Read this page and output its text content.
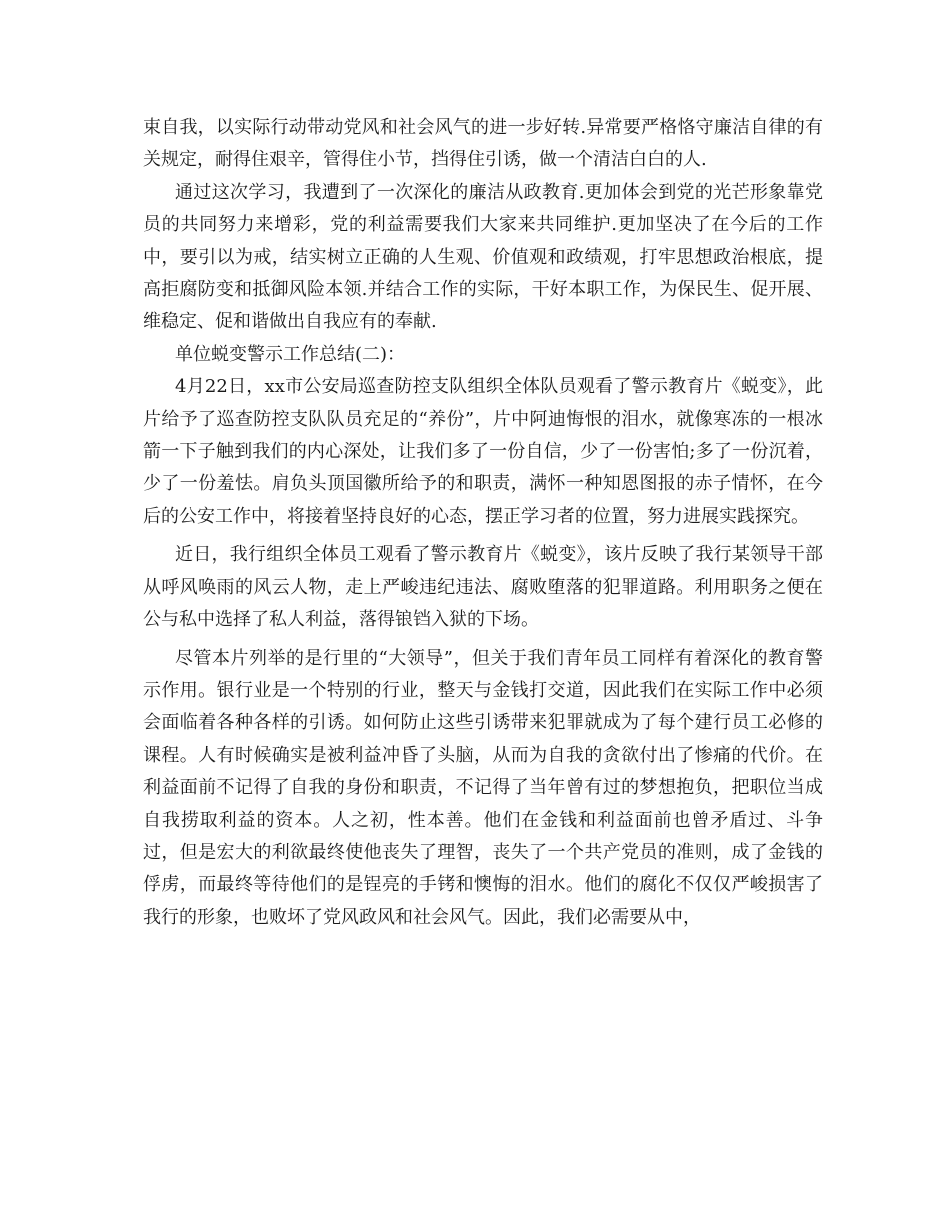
束自我，以实际行动带动党风和社会风气的进一步好转.异常要严格恪守廉洁自律的有关规定，耐得住艰辛，管得住小节，挡得住引诱，做一个清洁白白的人.

通过这次学习，我遭到了一次深化的廉洁从政教育.更加体会到党的光芒形象靠党员的共同努力来增彩，党的利益需要我们大家来共同维护.更加坚决了在今后的工作中，要引以为戒，结实树立正确的人生观、价值观和政绩观，打牢思想政治根底，提高拒腐防变和抵御风险本领.并结合工作的实际，干好本职工作，为保民生、促开展、维稳定、促和谐做出自我应有的奉献.

单位蜕变警示工作总结(二)：

4月22日，xx市公安局巡查防控支队组织全体队员观看了警示教育片《蜕变》，此片给予了巡查防控支队队员充足的“养份”，片中阿迪悔恨的泪水，就像寒冻的一根冰箭一下子触到我们的内心深处，让我们多了一份自信，少了一份害怕;多了一份沉着，少了一份羞怯。肩负头顶国徽所给予的和职责，满怀一种知恩图报的赤子情怀，在今后的公安工作中，将接着坚持良好的心态，摆正学习者的位置，努力进展实践探究。

近日，我行组织全体员工观看了警示教育片《蜕变》，该片反映了我行某领导干部从呼风唤雨的风云人物，走上严峻违纪违法、腐败堕落的犯罪道路。利用职务之便在公与私中选择了私人利益，落得锒铛入狱的下场。

尽管本片列举的是行里的“大领导”，但关于我们青年员工同样有着深化的教育警示作用。银行业是一个特别的行业，整天与金钱打交道，因此我们在实际工作中必须会面临着各种各样的引诱。如何防止这些引诱带来犯罪就成为了每个建行员工必修的课程。人有时候确实是被利益冲昏了头脑，从而为自我的贪欲付出了惨痛的代价。在利益面前不记得了自我的身份和职责，不记得了当年曾有过的梦想抱负，把职位当成自我捞取利益的资本。人之初，性本善。他们在金钱和利益面前也曾矛盾过、斗争过，但是宏大的利欲最终使他丧失了理智，丧失了一个共产党员的准则，成了金钱的俘虏，而最终等待他们的是锃亮的手铐和懊悔的泪水。他们的腐化不仅仅严峻损害了我行的形象，也败坏了党风政风和社会风气。因此，我们必需要从中，
